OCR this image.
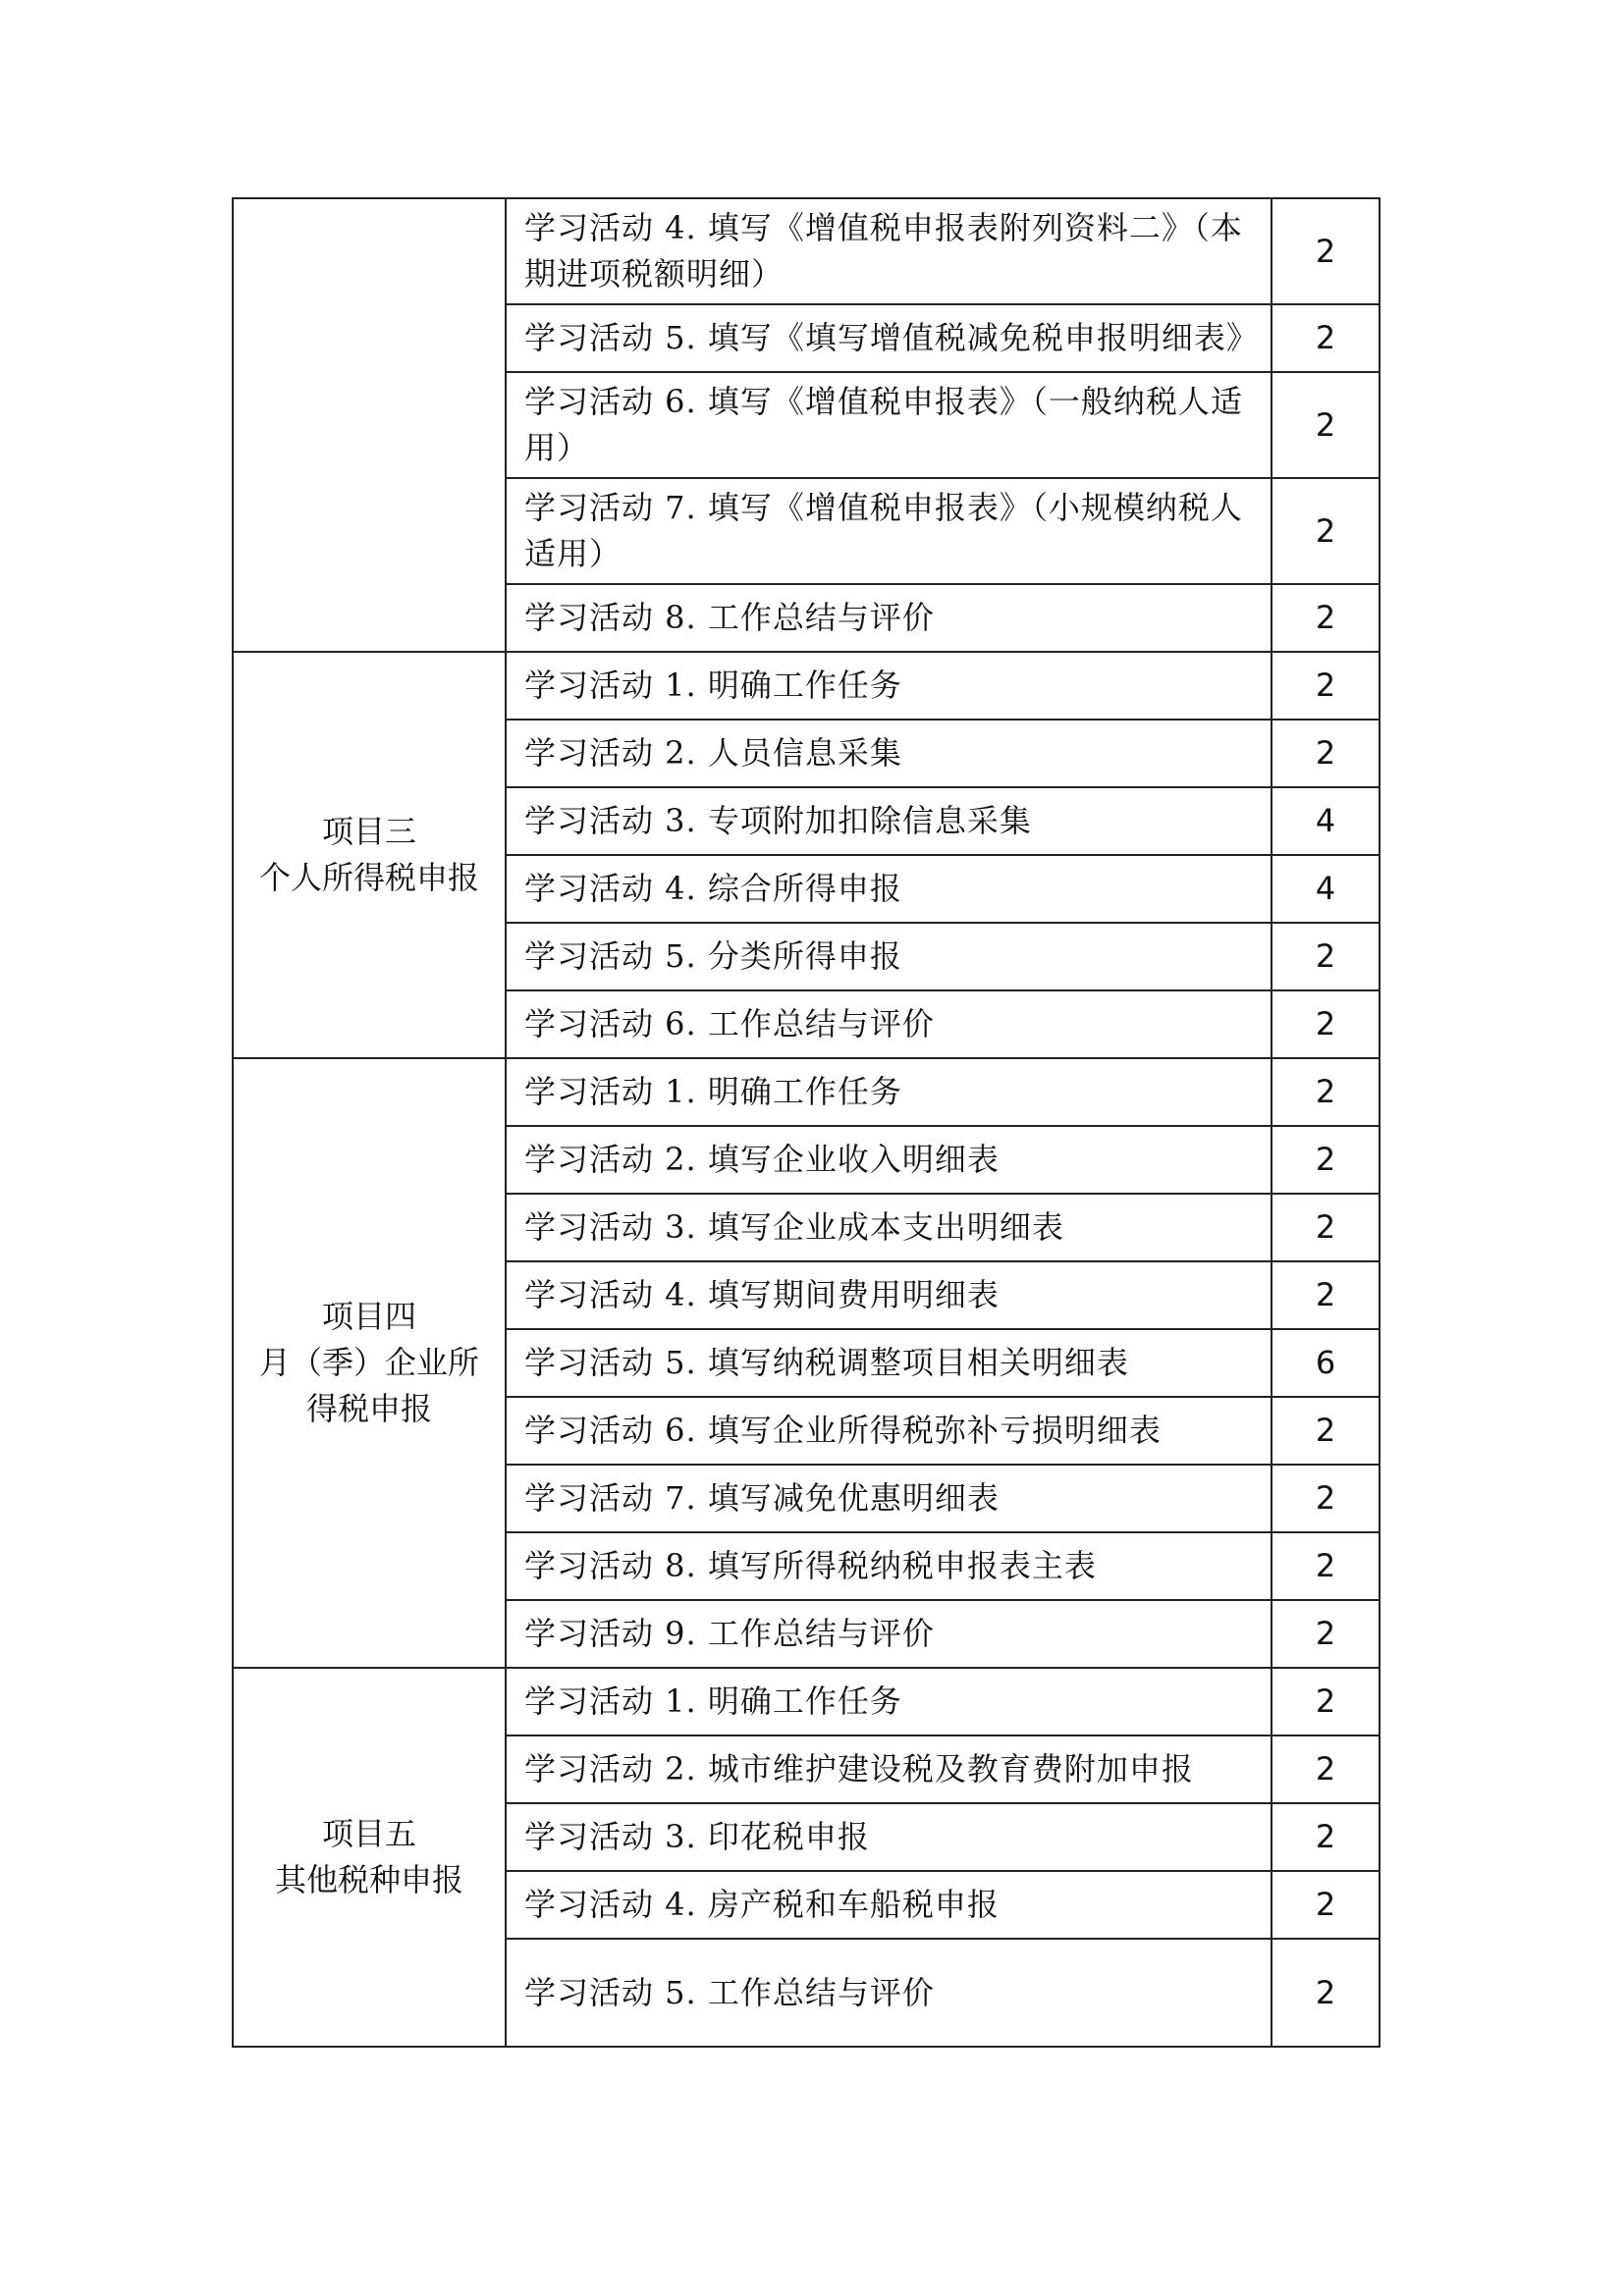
	学习活动 4. 填写《增值税申报表附列资料二》（本期进项税额明细）	2
	学习活动 5. 填写《填写增值税减免税申报明细表》	2
	学习活动 6. 填写《增值税申报表》（一般纳税人适用）	2
	学习活动 7. 填写《增值税申报表》（小规模纳税人适用）	2
	学习活动 8. 工作总结与评价	2

项目三
个人所得税申报	学习活动 1. 明确工作任务	2
	学习活动 2. 人员信息采集	2
	学习活动 3. 专项附加扣除信息采集	4
	学习活动 4. 综合所得申报	4
	学习活动 5. 分类所得申报	2
	学习活动 6. 工作总结与评价	2

项目四
月（季）企业所
得税申报	学习活动 1. 明确工作任务	2
	学习活动 2. 填写企业收入明细表	2
	学习活动 3. 填写企业成本支出明细表	2
	学习活动 4. 填写期间费用明细表	2
	学习活动 5. 填写纳税调整项目相关明细表	6
	学习活动 6. 填写企业所得税弥补亏损明细表	2
	学习活动 7. 填写减免优惠明细表	2
	学习活动 8. 填写所得税纳税申报表主表	2
	学习活动 9. 工作总结与评价	2

项目五
其他税种申报	学习活动 1. 明确工作任务	2
	学习活动 2. 城市维护建设税及教育费附加申报	2
	学习活动 3. 印花税申报	2
	学习活动 4. 房产税和车船税申报	2
	学习活动 5. 工作总结与评价	2
